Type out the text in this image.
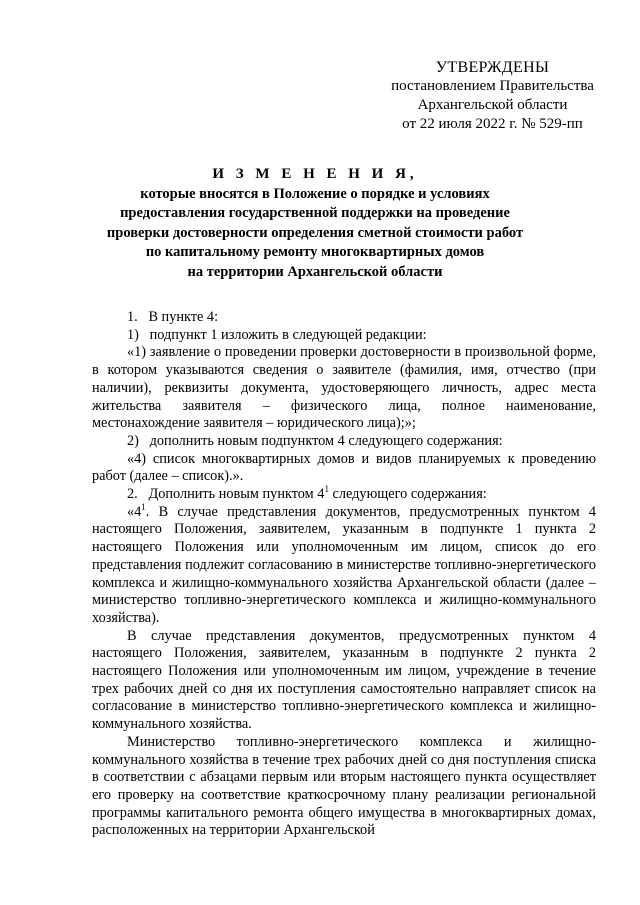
УТВЕРЖДЕНЫ
постановлением Правительства
Архангельской области
от 22 июля 2022 г. № 529-пп
И З М Е Н Е Н И Я,
которые вносятся в Положение о порядке и условиях
предоставления государственной поддержки на проведение
проверки достоверности определения сметной стоимости работ
по капитальному ремонту многоквартирных домов
на территории Архангельской области

1.   В пункте 4:

1)   подпункт 1 изложить в следующей редакции:

«1) заявление о проведении проверки достоверности в произвольной форме, в котором указываются сведения о заявителе (фамилия, имя, отчество (при наличии), реквизиты документа, удостоверяющего личность, адрес места жительства заявителя – физического лица, полное наименование, местонахождение заявителя – юридического лица);»;

2)   дополнить новым подпунктом 4 следующего содержания:

«4) список многоквартирных домов и видов планируемых к проведению работ (далее – список).».

2.   Дополнить новым пунктом $4^1$ следующего содержания:

«$4^1$. В случае представления документов, предусмотренных пунктом 4 настоящего Положения, заявителем, указанным в подпункте 1 пункта 2 настоящего Положения или уполномоченным им лицом, список до его представления подлежит согласованию в министерстве топливно-энергетического комплекса и жилищно-коммунального хозяйства Архангельской области (далее – министерство топливно-энергетического комплекса и жилищно-коммунального хозяйства).

В случае представления документов, предусмотренных пунктом 4 настоящего Положения, заявителем, указанным в подпункте 2 пункта 2 настоящего Положения или уполномоченным им лицом, учреждение в течение трех рабочих дней со дня их поступления самостоятельно направляет список на согласование в министерство топливно-энергетического комплекса и жилищно-коммунального хозяйства.

Министерство топливно-энергетического комплекса и жилищно-коммунального хозяйства в течение трех рабочих дней со дня поступления списка в соответствии с абзацами первым или вторым настоящего пункта осуществляет его проверку на соответствие краткосрочному плану реализации региональной программы капитального ремонта общего имущества в многоквартирных домах, расположенных на территории Архангельской
